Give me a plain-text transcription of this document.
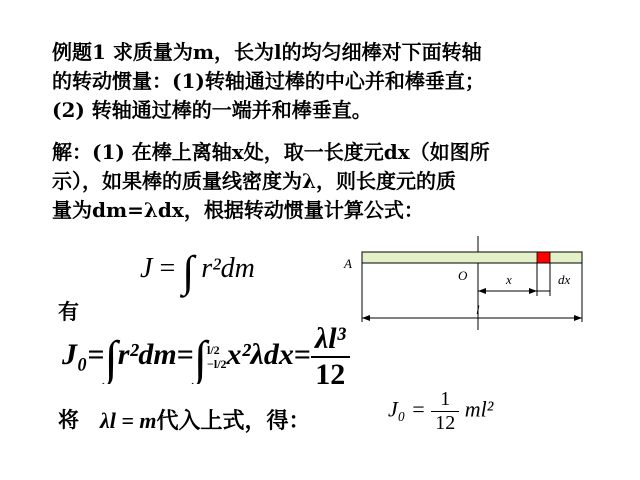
例题1 求质量为m，长为l的均匀细棒对下面转轴

的转动惯量：(1)转轴通过棒的中心并和棒垂直；

(2) 转轴通过棒的一端并和棒垂直。

解：(1) 在棒上离轴x处，取一长度元dx（如图所

示），如果棒的质量线密度为λ，则长度元的质

量为dm=λdx，根据转动惯量计算公式：

J = ∫ r²dm
有
J₀=∫r²dm=∫ l/2
−l/2 $x^2\lambda dx= \frac{\text{λl³}}{12}$
将 λl = m代入上式，得：	$J_0 = \frac{1}{12} ml^2$
A
O	x	dx
l
